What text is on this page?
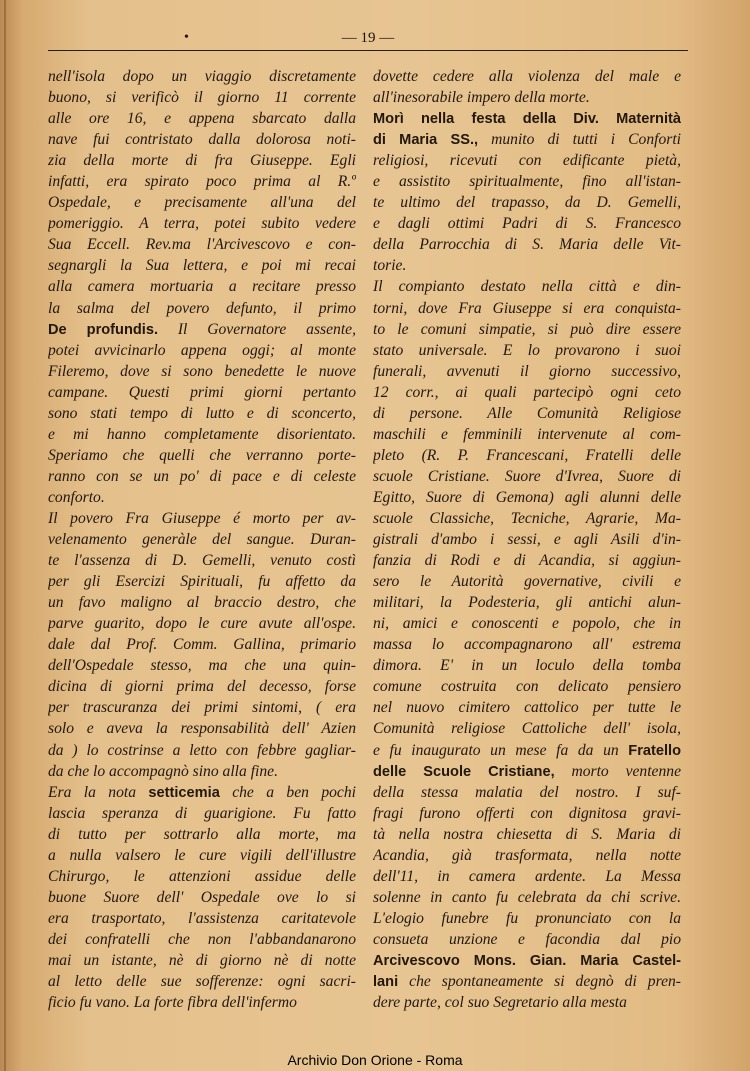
•	— 19 —
nell'isola dopo un viaggio discretamente
buono, si verificò il giorno 11 corrente
alle ore 16, e appena sbarcato dalla
nave fui contristato dalla dolorosa noti-
zia della morte di fra Giuseppe. Egli
infatti, era spirato poco prima al R.º
Ospedale, e precisamente all'una del
pomeriggio. A terra, potei subito vedere
Sua Eccell. Rev.ma l'Arcivescovo e con-
segnargli la Sua lettera, e poi mi recai
alla camera mortuaria a recitare presso
la salma del povero defunto, il primo
De profundis. Il Governatore assente,
potei avvicinarlo appena oggi; al monte
Fileremo, dove si sono benedette le nuove
campane. Questi primi giorni pertanto
sono stati tempo di lutto e di sconcerto,
e mi hanno completamente disorientato.
Speriamo che quelli che verranno porte-
ranno con se un po' di pace e di celeste
conforto.
Il povero Fra Giuseppe é morto per av-
velenamento generàle del sangue. Duran-
te l'assenza di D. Gemelli, venuto costì
per gli Esercizi Spirituali, fu affetto da
un favo maligno al braccio destro, che
parve guarito, dopo le cure avute all'ospe.
dale dal Prof. Comm. Gallina, primario
dell'Ospedale stesso, ma che una quin-
dicina di giorni prima del decesso, forse
per trascuranza dei primi sintomi, ( era
solo e aveva la responsabilità dell' Azien
da ) lo costrinse a letto con febbre gagliar-
da che lo accompagnò sino alla fine.
Era la nota setticemia che a ben pochi
lascia speranza di guarigione. Fu fatto
di tutto per sottrarlo alla morte, ma
a nulla valsero le cure vigili dell'illustre
Chirurgo, le attenzioni assidue delle
buone Suore dell' Ospedale ove lo si
era trasportato, l'assistenza caritatevole
dei confratelli che non l'abbandanarono
mai un istante, nè di giorno nè di notte
al letto delle sue sofferenze: ogni sacri-
ficio fu vano. La forte fibra dell'infermo
dovette cedere alla violenza del male e
all'inesorabile impero della morte.
Morì nella festa della Div. Maternità
di Maria SS., munito di tutti i Conforti
religiosi, ricevuti con edificante pietà,
e assistito spiritualmente, fino all'istan-
te ultimo del trapasso, da D. Gemelli,
e dagli ottimi Padri di S. Francesco
della Parrocchia di S. Maria delle Vit-
torie.
Il compianto destato nella città e din-
torni, dove Fra Giuseppe si era conquista-
to le comuni simpatie, si può dire essere
stato universale. E lo provarono i suoi
funerali, avvenuti il giorno successivo,
12 corr., ai quali partecipò ogni ceto
di persone. Alle Comunità Religiose
maschili e femminili intervenute al com-
pleto (R. P. Francescani, Fratelli delle
scuole Cristiane. Suore d'Ivrea, Suore di
Egitto, Suore di Gemona) agli alunni delle
scuole Classiche, Tecniche, Agrarie, Ma-
gistrali d'ambo i sessi, e agli Asili d'in-
fanzia di Rodi e di Acandia, si aggiun-
sero le Autorità governative, civili e
militari, la Podesteria, gli antichi alun-
ni, amici e conoscenti e popolo, che in
massa lo accompagnarono all' estrema
dimora. E' in un loculo della tomba
comune costruita con delicato pensiero
nel nuovo cimitero cattolico per tutte le
Comunità religiose Cattoliche dell' isola,
e fu inaugurato un mese fa da un Fratello
delle Scuole Cristiane, morto ventenne
della stessa malatia del nostro. I suf-
fragi furono offerti con dignitosa gravi-
tà nella nostra chiesetta di S. Maria di
Acandia, già trasformata, nella notte
dell'11, in camera ardente. La Messa
solenne in canto fu celebrata da chi scrive.
L'elogio funebre fu pronunciato con la
consueta unzione e facondia dal pio
Arcivescovo Mons. Gian. Maria Castel-
lani che spontaneamente si degnò di pren-
dere parte, col suo Segretario alla mesta
Archivio Don Orione - Roma
